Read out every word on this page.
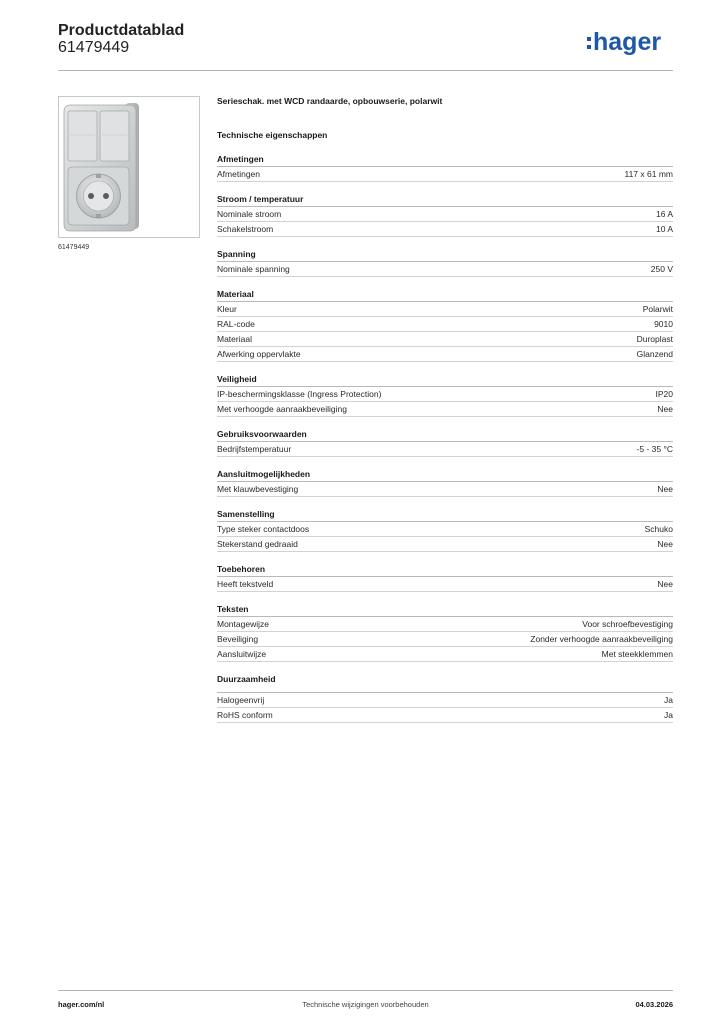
Productdatablad
61479449	hager
61479449
Serieschak. met WCD randaarde, opbouwserie, polarwit
Technische eigenschappen
Afmetingen
Afmetingen	117 x 61 mm
Stroom / temperatuur
Nominale stroom	16 A
Schakelstroom	10 A
Spanning
Nominale spanning	250 V
Materiaal
Kleur	Polarwit
RAL-code	9010
Materiaal	Duroplast
Afwerking oppervlakte	Glanzend
Veiligheid
IP-beschermingsklasse (Ingress Protection)	IP20
Met verhoogde aanraakbeveiliging	Nee
Gebruiksvoorwaarden
Bedrijfstemperatuur	-5 - 35 °C
Aansluitmogelijkheden
Met klauwbevestiging	Nee
Samenstelling
Type steker contactdoos	Schuko
Stekerstand gedraaid	Nee
Toebehoren
Heeft tekstveld	Nee
Teksten
Montagewijze	Voor schroefbevestiging
Beveiliging	Zonder verhoogde aanraakbeveiliging
Aansluitwijze	Met steekklemmen
Duurzaamheid
Halogeenvrij	Ja
RoHS conform	Ja
hager.com/nl	Technische wijzigingen voorbehouden	04.03.2026
